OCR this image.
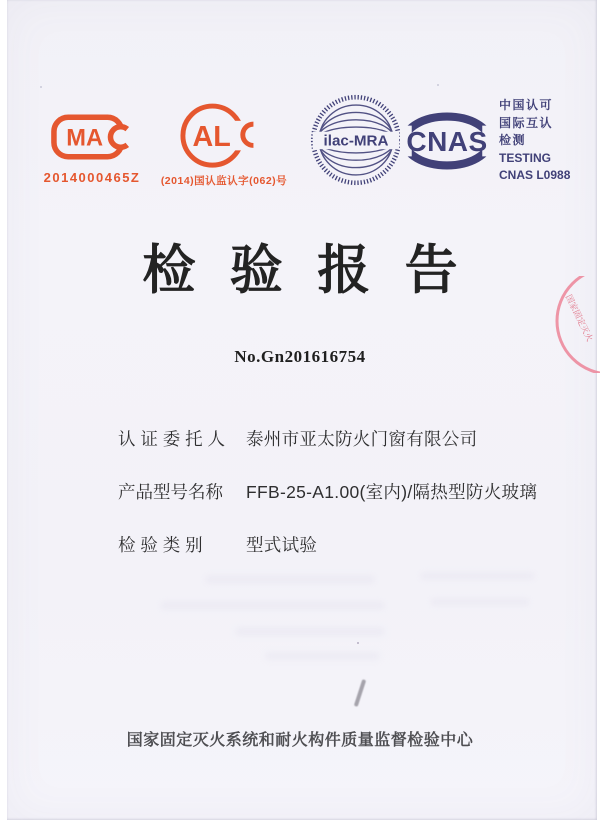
MA
2014000465Z
AL
(2014)国认监认字(062)号
ilac-MRA CNAS
中国认可
国际互认
检测
TESTING
CNAS L0988
检 验 报 告
No.Gn201616754
认 证 委 托 人	泰州市亚太防火门窗有限公司
产品型号名称	FFB-25-A1.00(室内)/隔热型防火玻璃
检 验 类 别	型式试验
国家固定灭火系统和耐火构件质量监督检验中心
国家固定灭火
